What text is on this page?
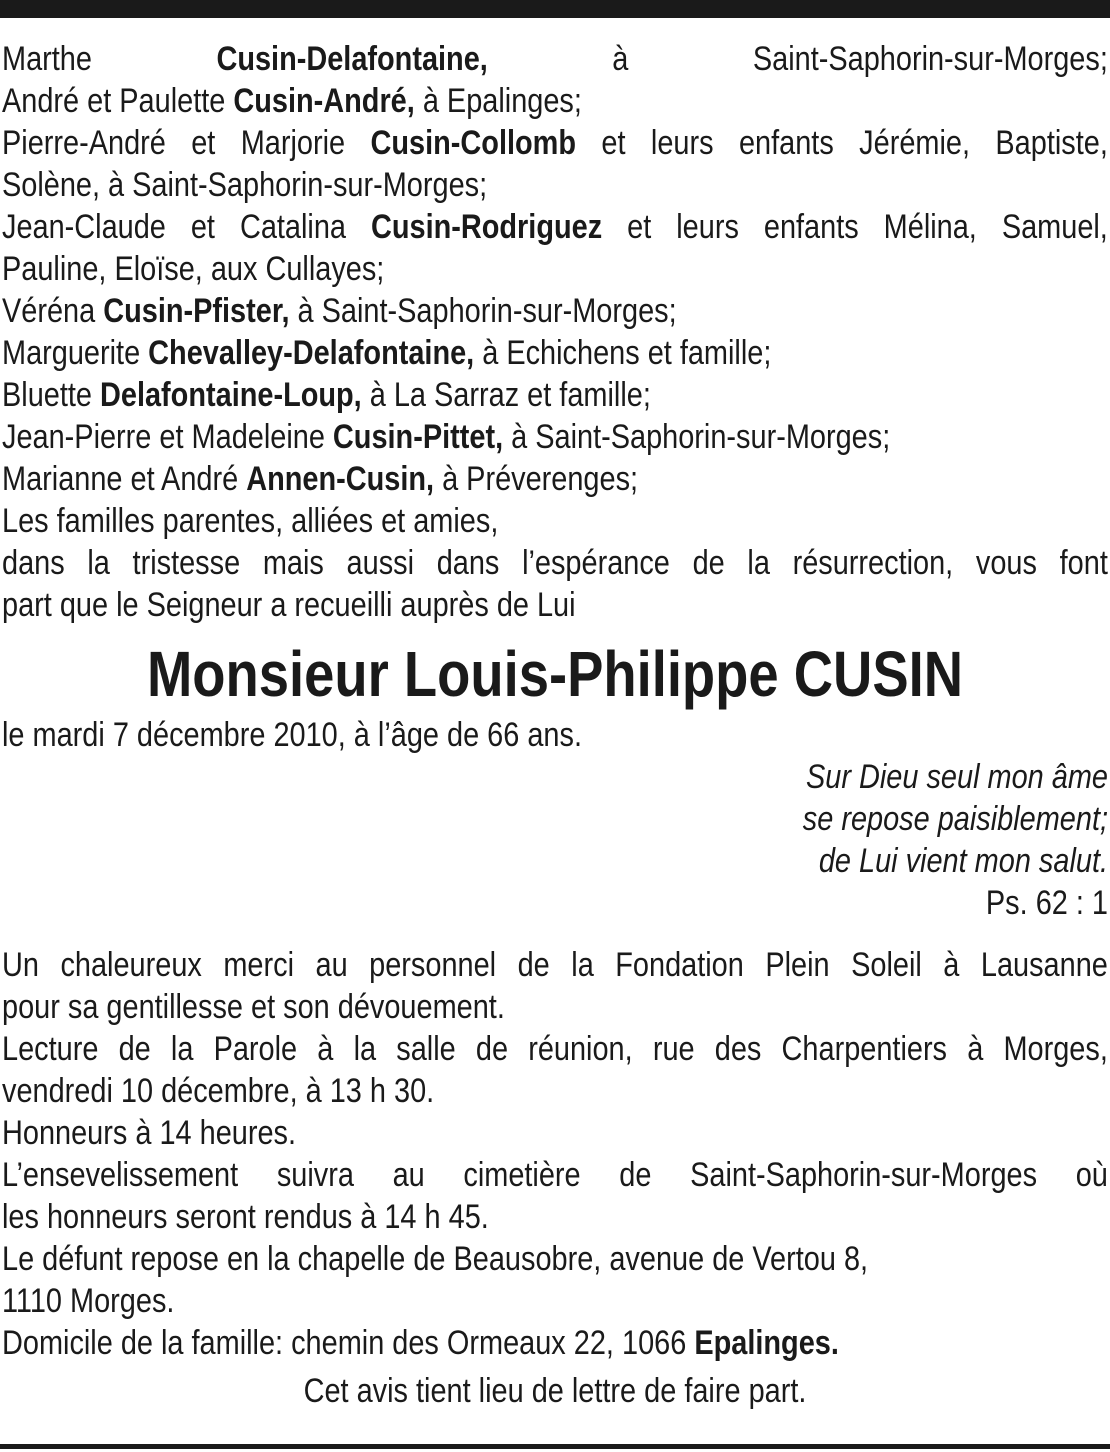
Marthe Cusin-Delafontaine, à Saint-Saphorin-sur-Morges;
André et Paulette Cusin-André, à Epalinges;
Pierre-André et Marjorie Cusin-Collomb et leurs enfants Jérémie, Baptiste,
Solène, à Saint-Saphorin-sur-Morges;
Jean-Claude et Catalina Cusin-Rodriguez et leurs enfants Mélina, Samuel,
Pauline, Eloïse, aux Cullayes;
Véréna Cusin-Pfister, à Saint-Saphorin-sur-Morges;
Marguerite Chevalley-Delafontaine, à Echichens et famille;
Bluette Delafontaine-Loup, à La Sarraz et famille;
Jean-Pierre et Madeleine Cusin-Pittet, à Saint-Saphorin-sur-Morges;
Marianne et André Annen-Cusin, à Préverenges;
Les familles parentes, alliées et amies,
dans la tristesse mais aussi dans l’espérance de la résurrection, vous font
part que le Seigneur a recueilli auprès de Lui
Monsieur Louis-Philippe CUSIN
le mardi 7 décembre 2010, à l’âge de 66 ans.
Sur Dieu seul mon âme
se repose paisiblement;
de Lui vient mon salut.
Ps. 62 : 1
Un chaleureux merci au personnel de la Fondation Plein Soleil à Lausanne
pour sa gentillesse et son dévouement.
Lecture de la Parole à la salle de réunion, rue des Charpentiers à Morges,
vendredi 10 décembre, à 13 h 30.
Honneurs à 14 heures.
L’ensevelissement suivra au cimetière de Saint-Saphorin-sur-Morges où
les honneurs seront rendus à 14 h 45.
Le défunt repose en la chapelle de Beausobre, avenue de Vertou 8,
1110 Morges.
Domicile de la famille: chemin des Ormeaux 22, 1066 Epalinges.
Cet avis tient lieu de lettre de faire part.
